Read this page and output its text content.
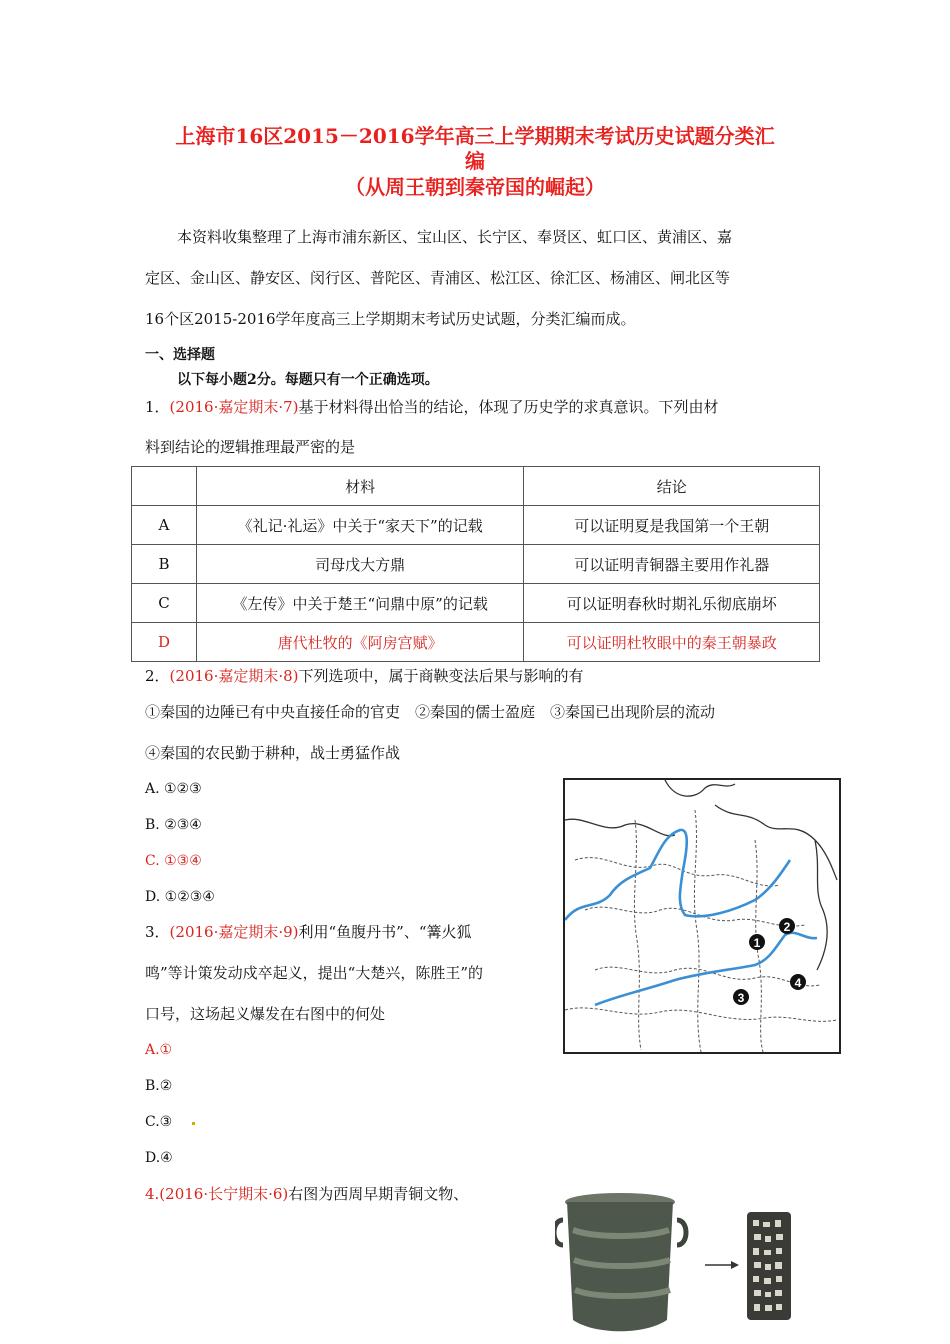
上海市16区2015－2016学年高三上学期期末考试历史试题分类汇
编
（从周王朝到秦帝国的崛起）
本资料收集整理了上海市浦东新区、宝山区、长宁区、奉贤区、虹口区、黄浦区、嘉
定区、金山区、静安区、闵行区、普陀区、青浦区、松江区、徐汇区、杨浦区、闸北区等
16个区2015-2016学年度高三上学期期末考试历史试题，分类汇编而成。
一、选择题
以下每小题2分。每题只有一个正确选项。
1．(2016·嘉定期末·7)基于材料得出恰当的结论，体现了历史学的求真意识。下列由材
料到结论的逻辑推理最严密的是
	材料	结论
A	《礼记·礼运》中关于“家天下”的记载	可以证明夏是我国第一个王朝
B	司母戊大方鼎	可以证明青铜器主要用作礼器
C	《左传》中关于楚王“问鼎中原”的记载	可以证明春秋时期礼乐彻底崩坏
D	唐代杜牧的《阿房宫赋》	可以证明杜牧眼中的秦王朝暴政
2．(2016·嘉定期末·8)下列选项中，属于商鞅变法后果与影响的有
①秦国的边陲已有中央直接任命的官吏　②秦国的儒士盈庭　③秦国已出现阶层的流动
④秦国的农民勤于耕种，战士勇猛作战
A. ①②③
B. ②③④
C. ①③④
D. ①②③④
3．(2016·嘉定期末·9)利用“鱼腹丹书”、“篝火狐
鸣”等计策发动戍卒起义，提出“大楚兴，陈胜王”的
口号，这场起义爆发在右图中的何处
A.①
B.②
C.③
D.④
1
2
3
4
4.(2016·长宁期末·6)右图为西周早期青铜文物、
